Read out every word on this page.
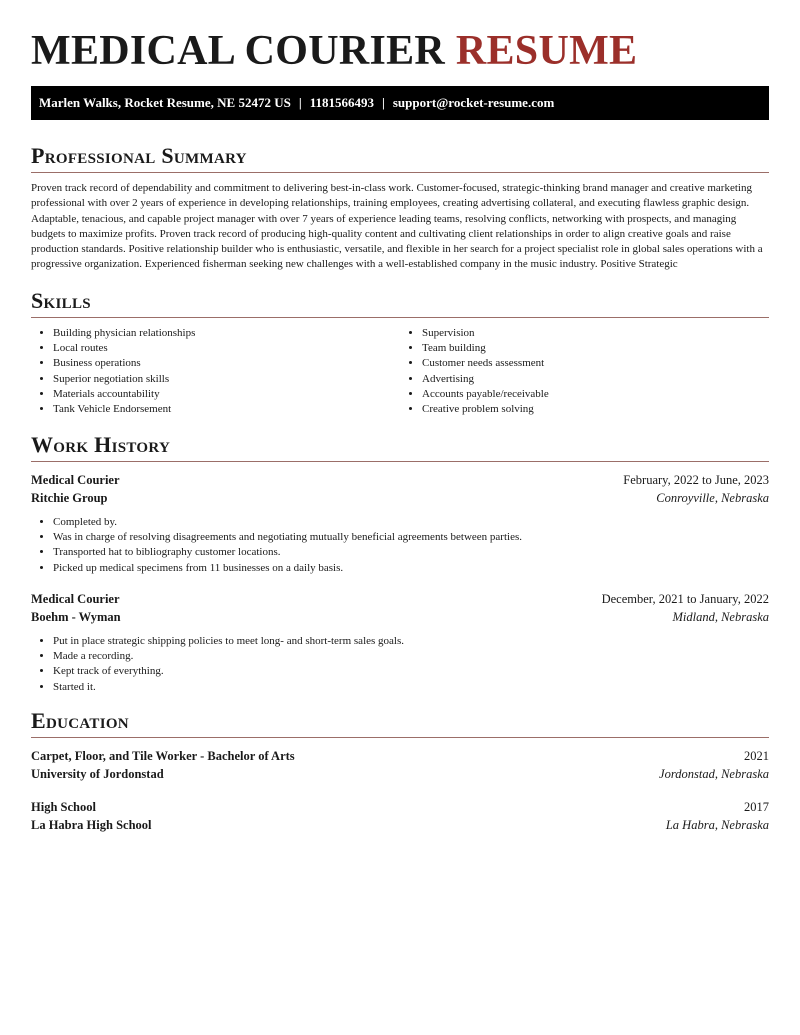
MEDICAL COURIER RESUME
Marlen Walks, Rocket Resume, NE 52472 US | 1181566493 | support@rocket-resume.com
Professional Summary

Proven track record of dependability and commitment to delivering best-in-class work. Customer-focused, strategic-thinking brand manager and creative marketing professional with over 2 years of experience in developing relationships, training employees, creating advertising collateral, and executing flawless graphic design. Adaptable, tenacious, and capable project manager with over 7 years of experience leading teams, resolving conflicts, networking with prospects, and managing budgets to maximize profits. Proven track record of producing high-quality content and cultivating client relationships in order to align creative goals and raise production standards. Positive relationship builder who is enthusiastic, versatile, and flexible in her search for a project specialist role in global sales operations with a progressive organization. Experienced fisherman seeking new challenges with a well-established company in the music industry. Positive Strategic

Skills
• Building physician relationships
• Local routes
• Business operations
• Superior negotiation skills
• Materials accountability
• Tank Vehicle Endorsement
• Supervision
• Team building
• Customer needs assessment
• Advertising
• Accounts payable/receivable
• Creative problem solving
Work History
Medical Courier	February, 2022 to June, 2023
Ritchie Group	Conroyville, Nebraska
• Completed by.
• Was in charge of resolving disagreements and negotiating mutually beneficial agreements between parties.
• Transported hat to bibliography customer locations.
• Picked up medical specimens from 11 businesses on a daily basis.
Medical Courier	December, 2021 to January, 2022
Boehm - Wyman	Midland, Nebraska
• Put in place strategic shipping policies to meet long- and short-term sales goals.
• Made a recording.
• Kept track of everything.
• Started it.
Education
Carpet, Floor, and Tile Worker - Bachelor of Arts	2021
University of Jordonstad	Jordonstad, Nebraska
High School	2017
La Habra High School	La Habra, Nebraska
